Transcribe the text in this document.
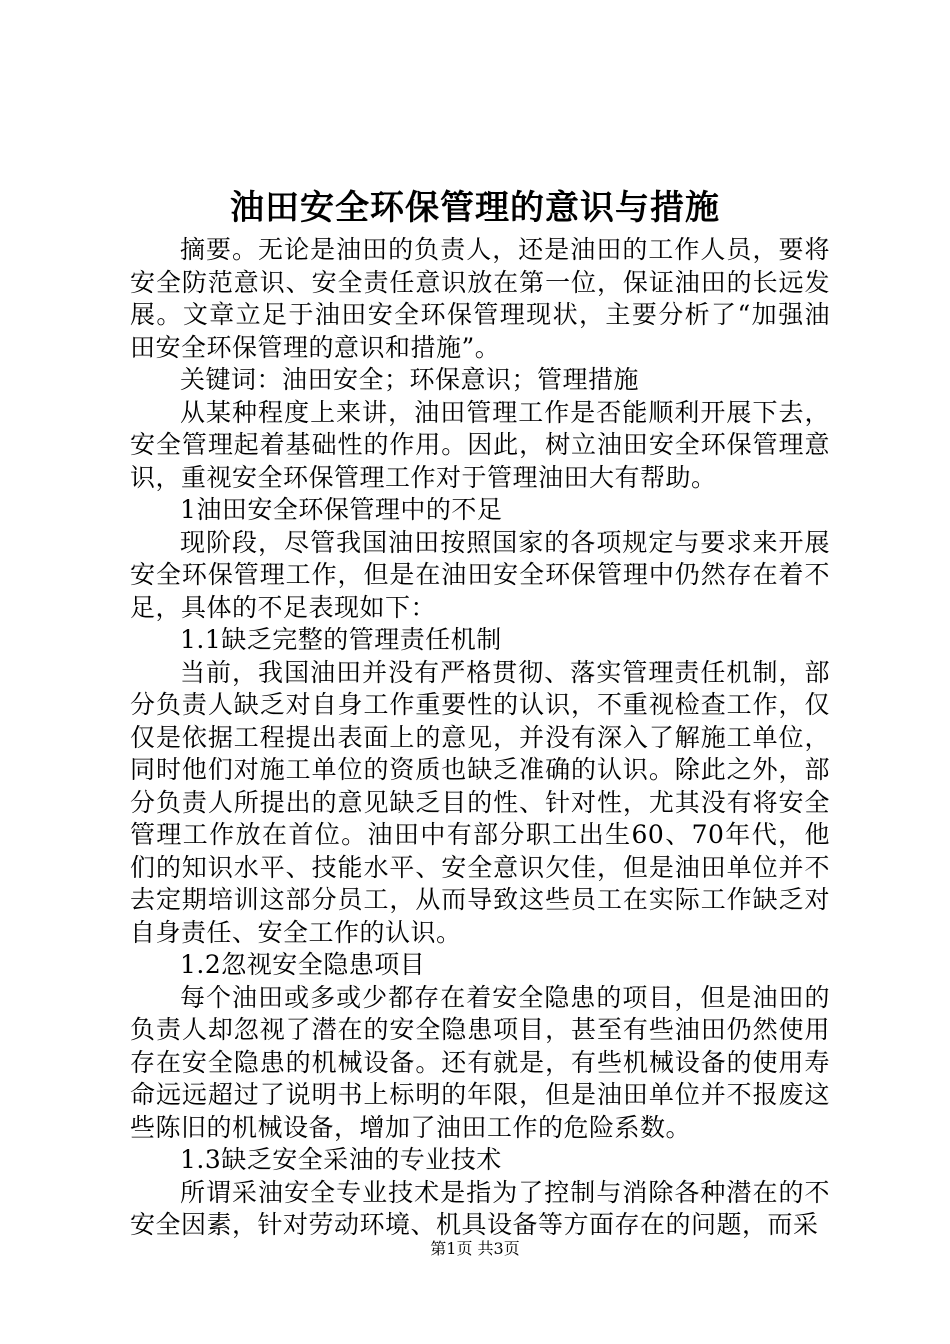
油田安全环保管理的意识与措施

摘要。无论是油田的负责人，还是油田的工作人员，要将安全防范意识、安全责任意识放在第一位，保证油田的长远发展。文章立足于油田安全环保管理现状，主要分析了“加强油田安全环保管理的意识和措施”。

关键词：油田安全；环保意识；管理措施

从某种程度上来讲，油田管理工作是否能顺利开展下去，安全管理起着基础性的作用。因此，树立油田安全环保管理意识，重视安全环保管理工作对于管理油田大有帮助。

1油田安全环保管理中的不足

现阶段，尽管我国油田按照国家的各项规定与要求来开展安全环保管理工作，但是在油田安全环保管理中仍然存在着不足，具体的不足表现如下：

1.1缺乏完整的管理责任机制

当前，我国油田并没有严格贯彻、落实管理责任机制，部分负责人缺乏对自身工作重要性的认识，不重视检查工作，仅仅是依据工程提出表面上的意见，并没有深入了解施工单位，同时他们对施工单位的资质也缺乏准确的认识。除此之外，部分负责人所提出的意见缺乏目的性、针对性，尤其没有将安全管理工作放在首位。油田中有部分职工出生60、70年代，他们的知识水平、技能水平、安全意识欠佳，但是油田单位并不去定期培训这部分员工，从而导致这些员工在实际工作缺乏对自身责任、安全工作的认识。

1.2忽视安全隐患项目

每个油田或多或少都存在着安全隐患的项目，但是油田的负责人却忽视了潜在的安全隐患项目，甚至有些油田仍然使用存在安全隐患的机械设备。还有就是，有些机械设备的使用寿命远远超过了说明书上标明的年限，但是油田单位并不报废这些陈旧的机械设备，增加了油田工作的危险系数。

1.3缺乏安全采油的专业技术

所谓采油安全专业技术是指为了控制与消除各种潜在的不安全因素，针对劳动环境、机具设备等方面存在的问题，而采

第1页 共3页
